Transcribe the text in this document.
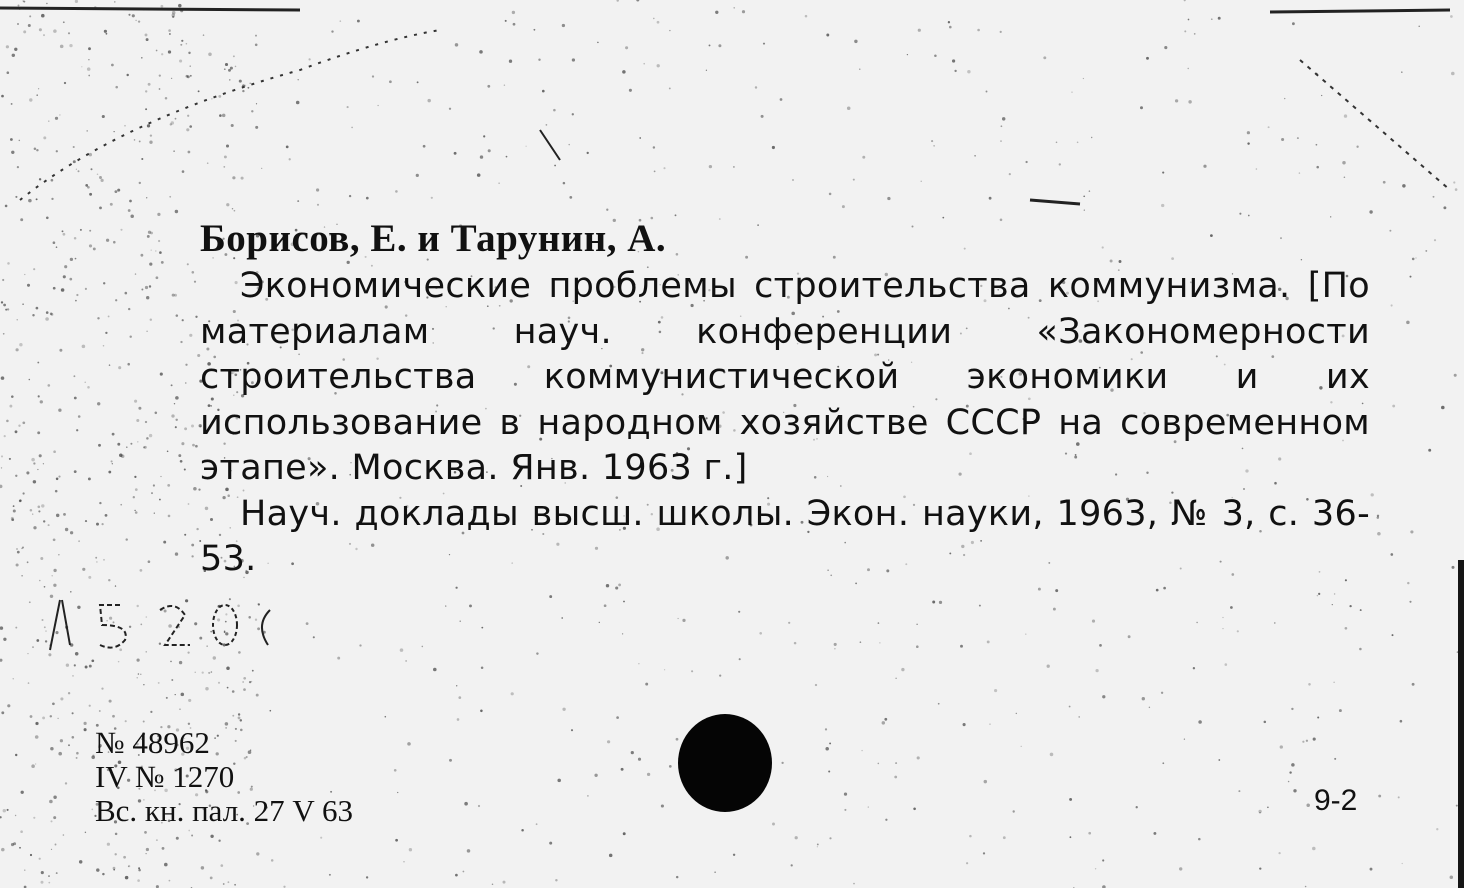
Борисов, Е. и Тарунин, А.

Экономические проблемы строительства коммунизма. [По материалам науч. конференции «Закономерности строительства коммунистической экономики и их использование в народном хозяйстве СССР на современном этапе». Москва. Янв. 1963 г.]

Науч. доклады высш. школы. Экон. науки, 1963, № 3, с. 36-53.

№ 48962
IV № 1270
Вс. кн. пал. 27 V 63	9-2
